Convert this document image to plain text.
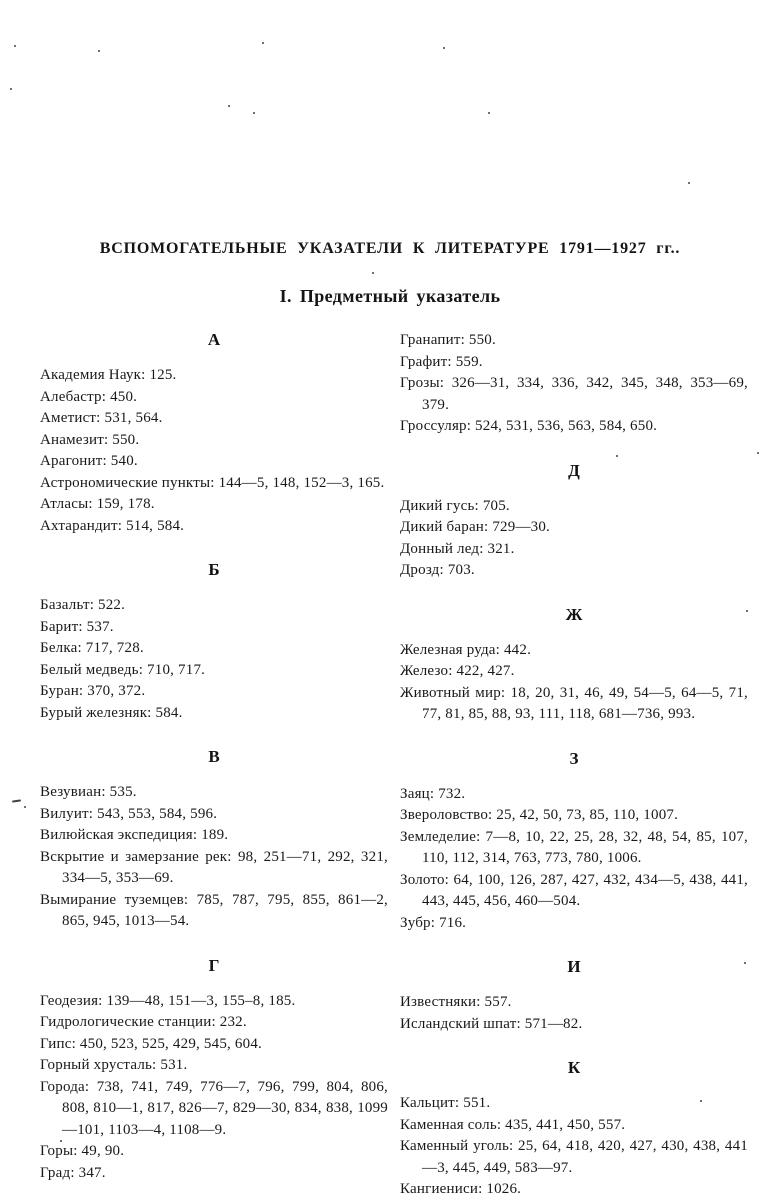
ВСПОМОГАТЕЛЬНЫЕ УКАЗАТЕЛИ К ЛИТЕРАТУРЕ 1791—1927 гг..
I. Предметный указатель
А
Академия Наук: 125.
Алебастр: 450.
Аметист: 531, 564.
Анамезит: 550.
Арагонит: 540.
Астрономические пункты: 144—5, 148, 152—3, 165.
Атласы: 159, 178.
Ахтарандит: 514, 584.
Б
Базальт: 522.
Барит: 537.
Белка: 717, 728.
Белый медведь: 710, 717.
Буран: 370, 372.
Бурый железняк: 584.
В
Везувиан: 535.
Вилуит: 543, 553, 584, 596.
Вилюйская экспедиция: 189.
Вскрытие и замерзание рек: 98, 251—71, 292, 321, 334—5, 353—69.
Вымирание туземцев: 785, 787, 795, 855, 861—2, 865, 945, 1013—54.
Г
Геодезия: 139—48, 151—3, 155–8, 185.
Гидрологические станции: 232.
Гипс: 450, 523, 525, 429, 545, 604.
Горный хрусталь: 531.
Города: 738, 741, 749, 776—7, 796, 799, 804, 806, 808, 810—1, 817, 826—7, 829—30, 834, 838, 1099—101, 1103—4, 1108—9.
Горы: 49, 90.
Град: 347.
Гранапит: 550.
Графит: 559.
Грозы: 326—31, 334, 336, 342, 345, 348, 353—69, 379.
Гроссуляр: 524, 531, 536, 563, 584, 650.
Д
Дикий гусь: 705.
Дикий баран: 729—30.
Донный лед: 321.
Дрозд: 703.
Ж
Железная руда: 442.
Железо: 422, 427.
Животный мир: 18, 20, 31, 46, 49, 54—5, 64—5, 71, 77, 81, 85, 88, 93, 111, 118, 681—736, 993.
З
Заяц: 732.
Звероловство: 25, 42, 50, 73, 85, 110, 1007.
Земледелие: 7—8, 10, 22, 25, 28, 32, 48, 54, 85, 107, 110, 112, 314, 763, 773, 780, 1006.
Золото: 64, 100, 126, 287, 427, 432, 434—5, 438, 441, 443, 445, 456, 460—504.
Зубр: 716.
И
Известняки: 557.
Исландский шпат: 571—82.
К
Кальцит: 551.
Каменная соль: 435, 441, 450, 557.
Каменный уголь: 25, 64, 418, 420, 427, 430, 438, 441—3, 445, 449, 583—97.
Кангиениси: 1026.
